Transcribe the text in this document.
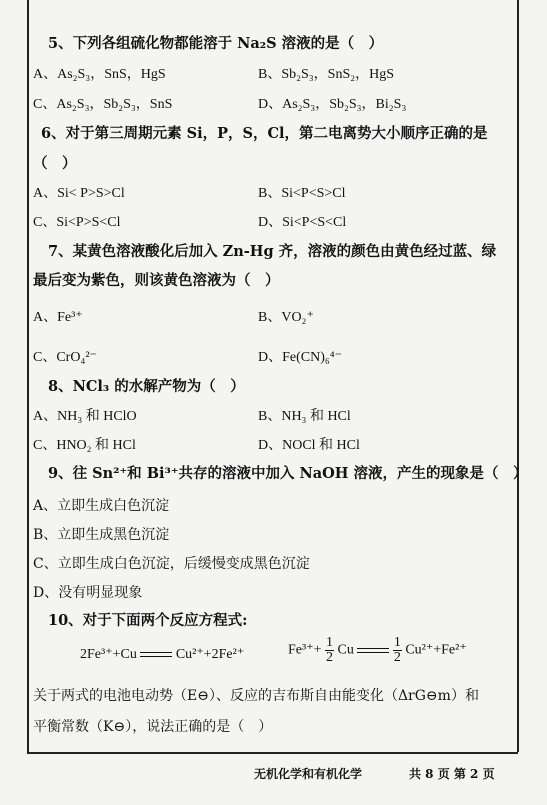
5、下列各组硫化物都能溶于 Na₂S 溶液的是（　）
A、As₂S₃，SnS，HgS	B、Sb₂S₃，SnS₂，HgS
C、As₂S₃，Sb₂S₃，SnS	D、As₂S₃，Sb₂S₃，Bi₂S₃
6、对于第三周期元素 Si，P，S，Cl，第二电离势大小顺序正确的是
（　）
A、Si< P>S>Cl	B、Si<P<S>Cl
C、Si<P>S<Cl	D、Si<P<S<Cl
7、某黄色溶液酸化后加入 Zn-Hg 齐，溶液的颜色由黄色经过蓝、绿
最后变为紫色，则该黄色溶液为（　）
A、Fe³⁺	B、VO₂⁺
C、CrO₄²⁻	D、Fe(CN)₆⁴⁻
8、NCl₃ 的水解产物为（　）
A、NH₃ 和 HClO	B、NH₃ 和 HCl
C、HNO₂ 和 HCl	D、NOCl 和 HCl
9、往 Sn²⁺和 Bi³⁺共存的溶液中加入 NaOH 溶液，产生的现象是（　）
A、立即生成白色沉淀
B、立即生成黑色沉淀
C、立即生成白色沉淀，后缓慢变成黑色沉淀
D、没有明显现象
10、对于下面两个反应方程式:
2Fe³⁺+Cu	Cu²⁺+2Fe²⁺	$Fe^{3+}+ \frac{1}{2}$ Cu	$\frac{1}{2} Cu^{2+}+Fe^{2+}$
关于两式的电池电动势（E⊖）、反应的吉布斯自由能变化（ΔrG⊖m）和
平衡常数（K⊖），说法正确的是（　）
无机化学和有机化学	共 8 页 第 2 页
